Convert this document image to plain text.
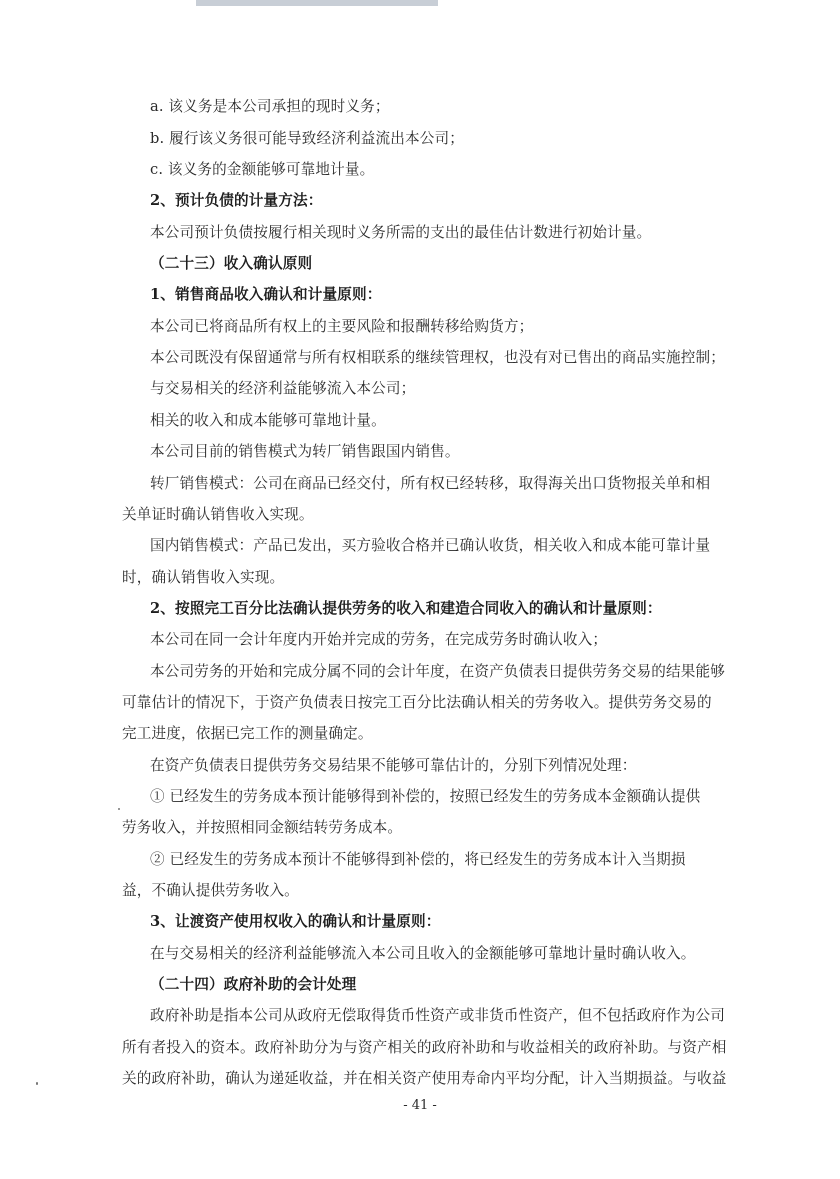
a. 该义务是本公司承担的现时义务；
b. 履行该义务很可能导致经济利益流出本公司；
c. 该义务的金额能够可靠地计量。
2、预计负债的计量方法：
本公司预计负债按履行相关现时义务所需的支出的最佳估计数进行初始计量。
（二十三）收入确认原则
1、销售商品收入确认和计量原则：
本公司已将商品所有权上的主要风险和报酬转移给购货方；
本公司既没有保留通常与所有权相联系的继续管理权，也没有对已售出的商品实施控制；
与交易相关的经济利益能够流入本公司；
相关的收入和成本能够可靠地计量。
本公司目前的销售模式为转厂销售跟国内销售。
转厂销售模式：公司在商品已经交付，所有权已经转移，取得海关出口货物报关单和相
关单证时确认销售收入实现。
国内销售模式：产品已发出，买方验收合格并已确认收货，相关收入和成本能可靠计量
时，确认销售收入实现。
2、按照完工百分比法确认提供劳务的收入和建造合同收入的确认和计量原则：
本公司在同一会计年度内开始并完成的劳务，在完成劳务时确认收入；
本公司劳务的开始和完成分属不同的会计年度，在资产负债表日提供劳务交易的结果能够
可靠估计的情况下，于资产负债表日按完工百分比法确认相关的劳务收入。提供劳务交易的
完工进度，依据已完工作的测量确定。
在资产负债表日提供劳务交易结果不能够可靠估计的，分别下列情况处理：
① 已经发生的劳务成本预计能够得到补偿的，按照已经发生的劳务成本金额确认提供
劳务收入，并按照相同金额结转劳务成本。
② 已经发生的劳务成本预计不能够得到补偿的，将已经发生的劳务成本计入当期损
益，不确认提供劳务收入。
3、让渡资产使用权收入的确认和计量原则：
在与交易相关的经济利益能够流入本公司且收入的金额能够可靠地计量时确认收入。
（二十四）政府补助的会计处理
政府补助是指本公司从政府无偿取得货币性资产或非货币性资产，但不包括政府作为公司
所有者投入的资本。政府补助分为与资产相关的政府补助和与收益相关的政府补助。与资产相
关的政府补助，确认为递延收益，并在相关资产使用寿命内平均分配，计入当期损益。与收益
- 41 -
